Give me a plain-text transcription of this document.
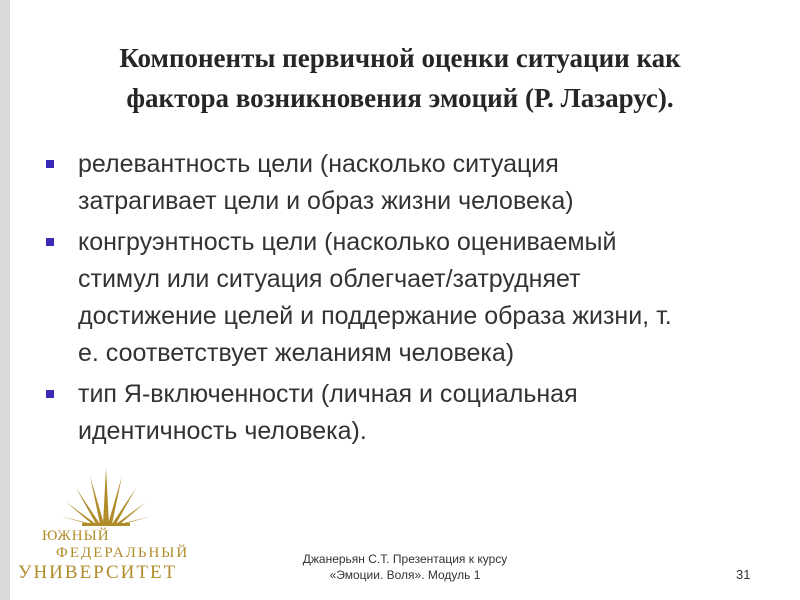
Компоненты первичной оценки ситуации как
фактора возникновения эмоций (Р. Лазарус).
релевантность цели (насколько ситуация
затрагивает цели и образ жизни человека)
конгруэнтность цели (насколько оцениваемый
стимул или ситуация облегчает/затрудняет
достижение целей и поддержание образа жизни, т.
е. соответствует желаниям человека)
тип Я-включенности (личная и социальная
идентичность человека).
ЮЖНЫЙ
ФЕДЕРАЛЬНЫЙ
УНИВЕРСИТЕТ
Джанерьян С.Т. Презентация к курсу
«Эмоции. Воля». Модуль 1	31
